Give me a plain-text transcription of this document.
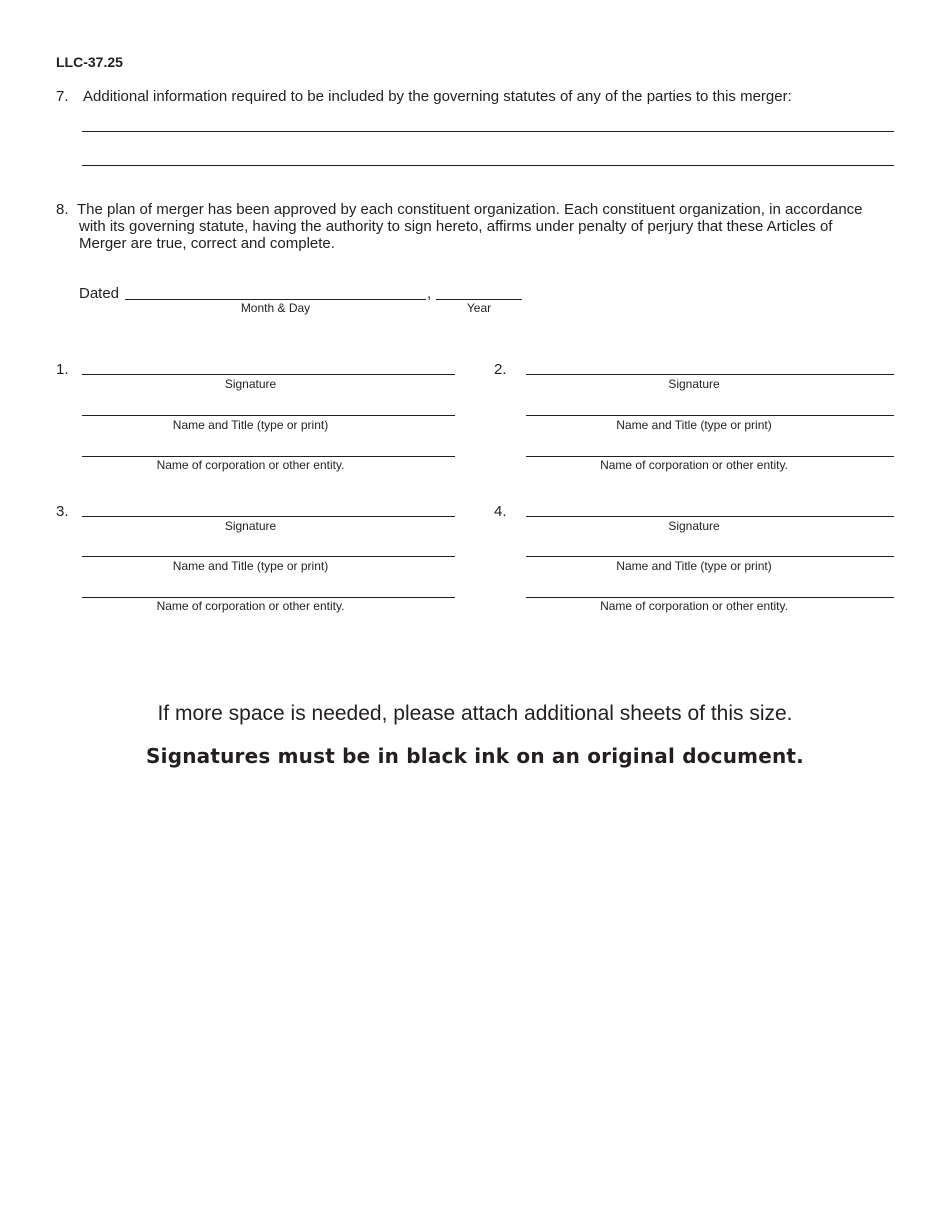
LLC-37.25
7. Additional information required to be included by the governing statutes of any of the parties to this merger:
8. The plan of merger has been approved by each constituent organization. Each constituent organization, in accordance
with its governing statute, having the authority to sign hereto, affirms under penalty of perjury that these Articles of
Merger are true, correct and complete.
Dated	,
Month & Day	Year
1.
Signature
Name and Title (type or print)
Name of corporation or other entity.
2.
Signature
Name and Title (type or print)
Name of corporation or other entity.
3.
Signature
Name and Title (type or print)
Name of corporation or other entity.
4.
Signature
Name and Title (type or print)
Name of corporation or other entity.
If more space is needed, please attach additional sheets of this size.
Signatures must be in black ink on an original document.
